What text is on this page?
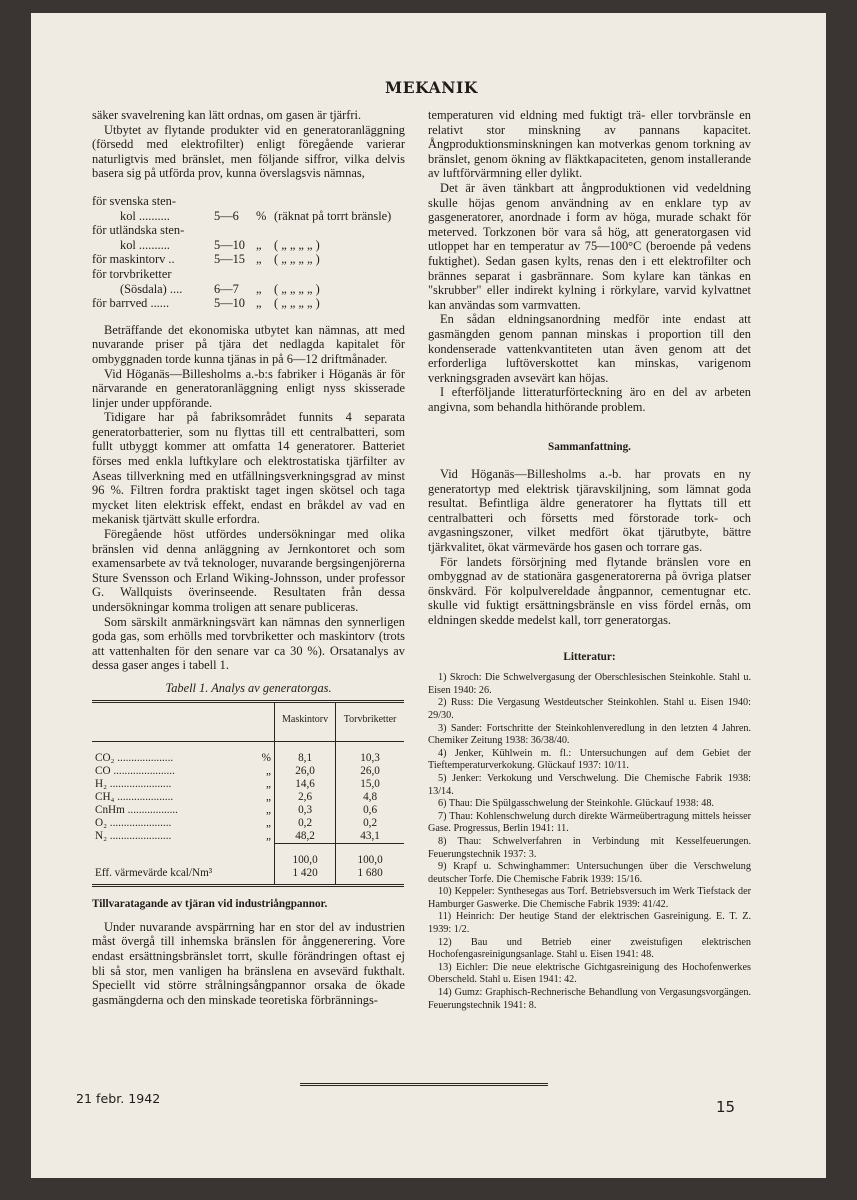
MEKANIK

säker svavelrening kan lätt ordnas, om gasen är tjärfri.

Utbytet av flytande produkter vid en generatoranläggning (försedd med elektrofilter) enligt föregående varierar naturligtvis med bränslet, men följande siffror, vilka delvis basera sig på utförda prov, kunna överslagsvis nämnas,

för svenska sten-
kol ..........	5—6	% (räknat på torrt bränsle)
för utländska sten-
kol ..........	5—10 „	( „ „ „ „ )
för maskintorv ..	5—15 „	( „ „ „ „ )
för torvbriketter
(Sösdala) ....	6—7	„	( „ „ „ „ )
för barrved ......	5—10 „	( „ „ „ „ )

Beträffande det ekonomiska utbytet kan nämnas, att med nuvarande priser på tjära det nedlagda kapitalet för ombyggnaden torde kunna tjänas in på 6—12 driftmånader.

Vid Höganäs—Billesholms a.-b:s fabriker i Höganäs är för närvarande en generatoranläggning enligt nyss skisserade linjer under uppförande.

Tidigare har på fabriksområdet funnits 4 separata generatorbatterier, som nu flyttas till ett centralbatteri, som fullt utbyggt kommer att omfatta 14 generatorer. Batteriet förses med enkla luftkylare och elektrostatiska tjärfilter av Aseas tillverkning med en utfällningsverkningsgrad av minst 96 %. Filtren fordra praktiskt taget ingen skötsel och taga mycket liten elektrisk effekt, endast en bråkdel av vad en mekanisk tjärtvätt skulle erfordra.

Föregående höst utfördes undersökningar med olika bränslen vid denna anläggning av Jernkontoret och som examensarbete av två teknologer, nuvarande bergsingenjörerna Sture Svensson och Erland Wiking-Johnsson, under professor G. Wallquists överinseende. Resultaten från dessa undersökningar komma troligen att senare publiceras.

Som särskilt anmärkningsvärt kan nämnas den synnerligen goda gas, som erhölls med torvbriketter och maskintorv (trots att vattenhalten för den senare var ca 30 %). Orsatanalys av dessa gaser anges i tabell 1.

Tabell 1. Analys av generatorgas.
		Maskintorv	Torvbriketter
CO₂ ....................	%	8,1	10,3
CO ......................	„	26,0	26,0
H₂ ......................	„	14,6	15,0
CH₄ ....................	„	2,6	4,8
CnHm ..................	„	0,3	0,6
O₂ ......................	„	0,2	0,2
N₂ ......................	„	48,2	43,1
		100,0	100,0
Eff. värmevärde kcal/Nm³		1 420	1 680
Tillvaratagande av tjäran vid industriångpannor.

Under nuvarande avspärrning har en stor del av industrien måst övergå till inhemska bränslen för ånggenerering. Vore endast ersättningsbränslet torrt, skulle förändringen oftast ej bli så stor, men vanligen ha bränslena en avsevärd fukthalt. Speciellt vid större strålningsångpannor orsaka de ökade gasmängderna och den minskade teoretiska förbrännings-

temperaturen vid eldning med fuktigt trä- eller torvbränsle en relativt stor minskning av pannans kapacitet. Ångproduktionsminskningen kan motverkas genom torkning av bränslet, genom ökning av fläktkapaciteten, genom installerande av luftförvärmning eller dylikt.

Det är även tänkbart att ångproduktionen vid vedeldning skulle höjas genom användning av en enklare typ av gasgeneratorer, anordnade i form av höga, murade schakt för meterved. Torkzonen bör vara så hög, att generatorgasen vid utloppet har en temperatur av 75—100°C (beroende på vedens fuktighet). Sedan gasen kylts, renas den i ett elektrofilter och brännes separat i gasbrännare. Som kylare kan tänkas en "skrubber" eller indirekt kylning i rörkylare, varvid kylvattnet kan användas som varmvatten.

En sådan eldningsanordning medför inte endast att gasmängden genom pannan minskas i proportion till den kondenserade vattenkvantiteten utan även genom att det erforderliga luftöverskottet kan minskas, varigenom verkningsgraden avsevärt kan höjas.

I efterföljande litteraturförteckning äro en del av arbeten angivna, som behandla hithörande problem.

Sammanfattning.

Vid Höganäs—Billesholms a.-b. har provats en ny generatortyp med elektrisk tjäravskiljning, som lämnat goda resultat. Befintliga äldre generatorer ha flyttats till ett centralbatteri och försetts med förstorade tork- och avgasningszoner, vilket medfört ökat tjärutbyte, bättre tjärkvalitet, ökat värmevärde hos gasen och torrare gas.

För landets försörjning med flytande bränslen vore en ombyggnad av de stationära gasgeneratorerna på övriga platser önskvärd. För kolpulvereldade ångpannor, cementugnar etc. skulle vid fuktigt ersättningsbränsle en viss fördel ernås, om eldningen skedde medelst kall, torr generatorgas.

Litteratur:

1) Skroch: Die Schwelvergasung der Oberschlesischen Steinkohle. Stahl u. Eisen 1940: 26.

2) Russ: Die Vergasung Westdeutscher Steinkohlen. Stahl u. Eisen 1940: 29/30.

3) Sander: Fortschritte der Steinkohlenveredlung in den letzten 4 Jahren. Chemiker Zeitung 1938: 36/38/40.

4) Jenker, Kühlwein m. fl.: Untersuchungen auf dem Gebiet der Tieftemperaturverkokung. Glückauf 1937: 10/11.

5) Jenker: Verkokung und Verschwelung. Die Chemische Fabrik 1938: 13/14.

6) Thau: Die Spülgasschwelung der Steinkohle. Glückauf 1938: 48.

7) Thau: Kohlenschwelung durch direkte Wärmeübertragung mittels heisser Gase. Progressus, Berlin 1941: 11.

8) Thau: Schwelverfahren in Verbindung mit Kesselfeuerungen. Feuerungstechnik 1937: 3.

9) Krapf u. Schwinghammer: Untersuchungen über die Verschwelung deutscher Torfe. Die Chemische Fabrik 1939: 15/16.

10) Keppeler: Synthesegas aus Torf. Betriebsversuch im Werk Tiefstack der Hamburger Gaswerke. Die Chemische Fabrik 1939: 41/42.

11) Heinrich: Der heutige Stand der elektrischen Gasreinigung. E. T. Z. 1939: 1/2.

12) Bau und Betrieb einer zweistufigen elektrischen Hochofengasreinigungsanlage. Stahl u. Eisen 1941: 48.

13) Eichler: Die neue elektrische Gichtgasreinigung des Hochofenwerkes Oberscheld. Stahl u. Eisen 1941: 42.

14) Gumz: Graphisch-Rechnerische Behandlung von Vergasungsvorgängen. Feuerungstechnik 1941: 8.

21 febr. 1942	15
